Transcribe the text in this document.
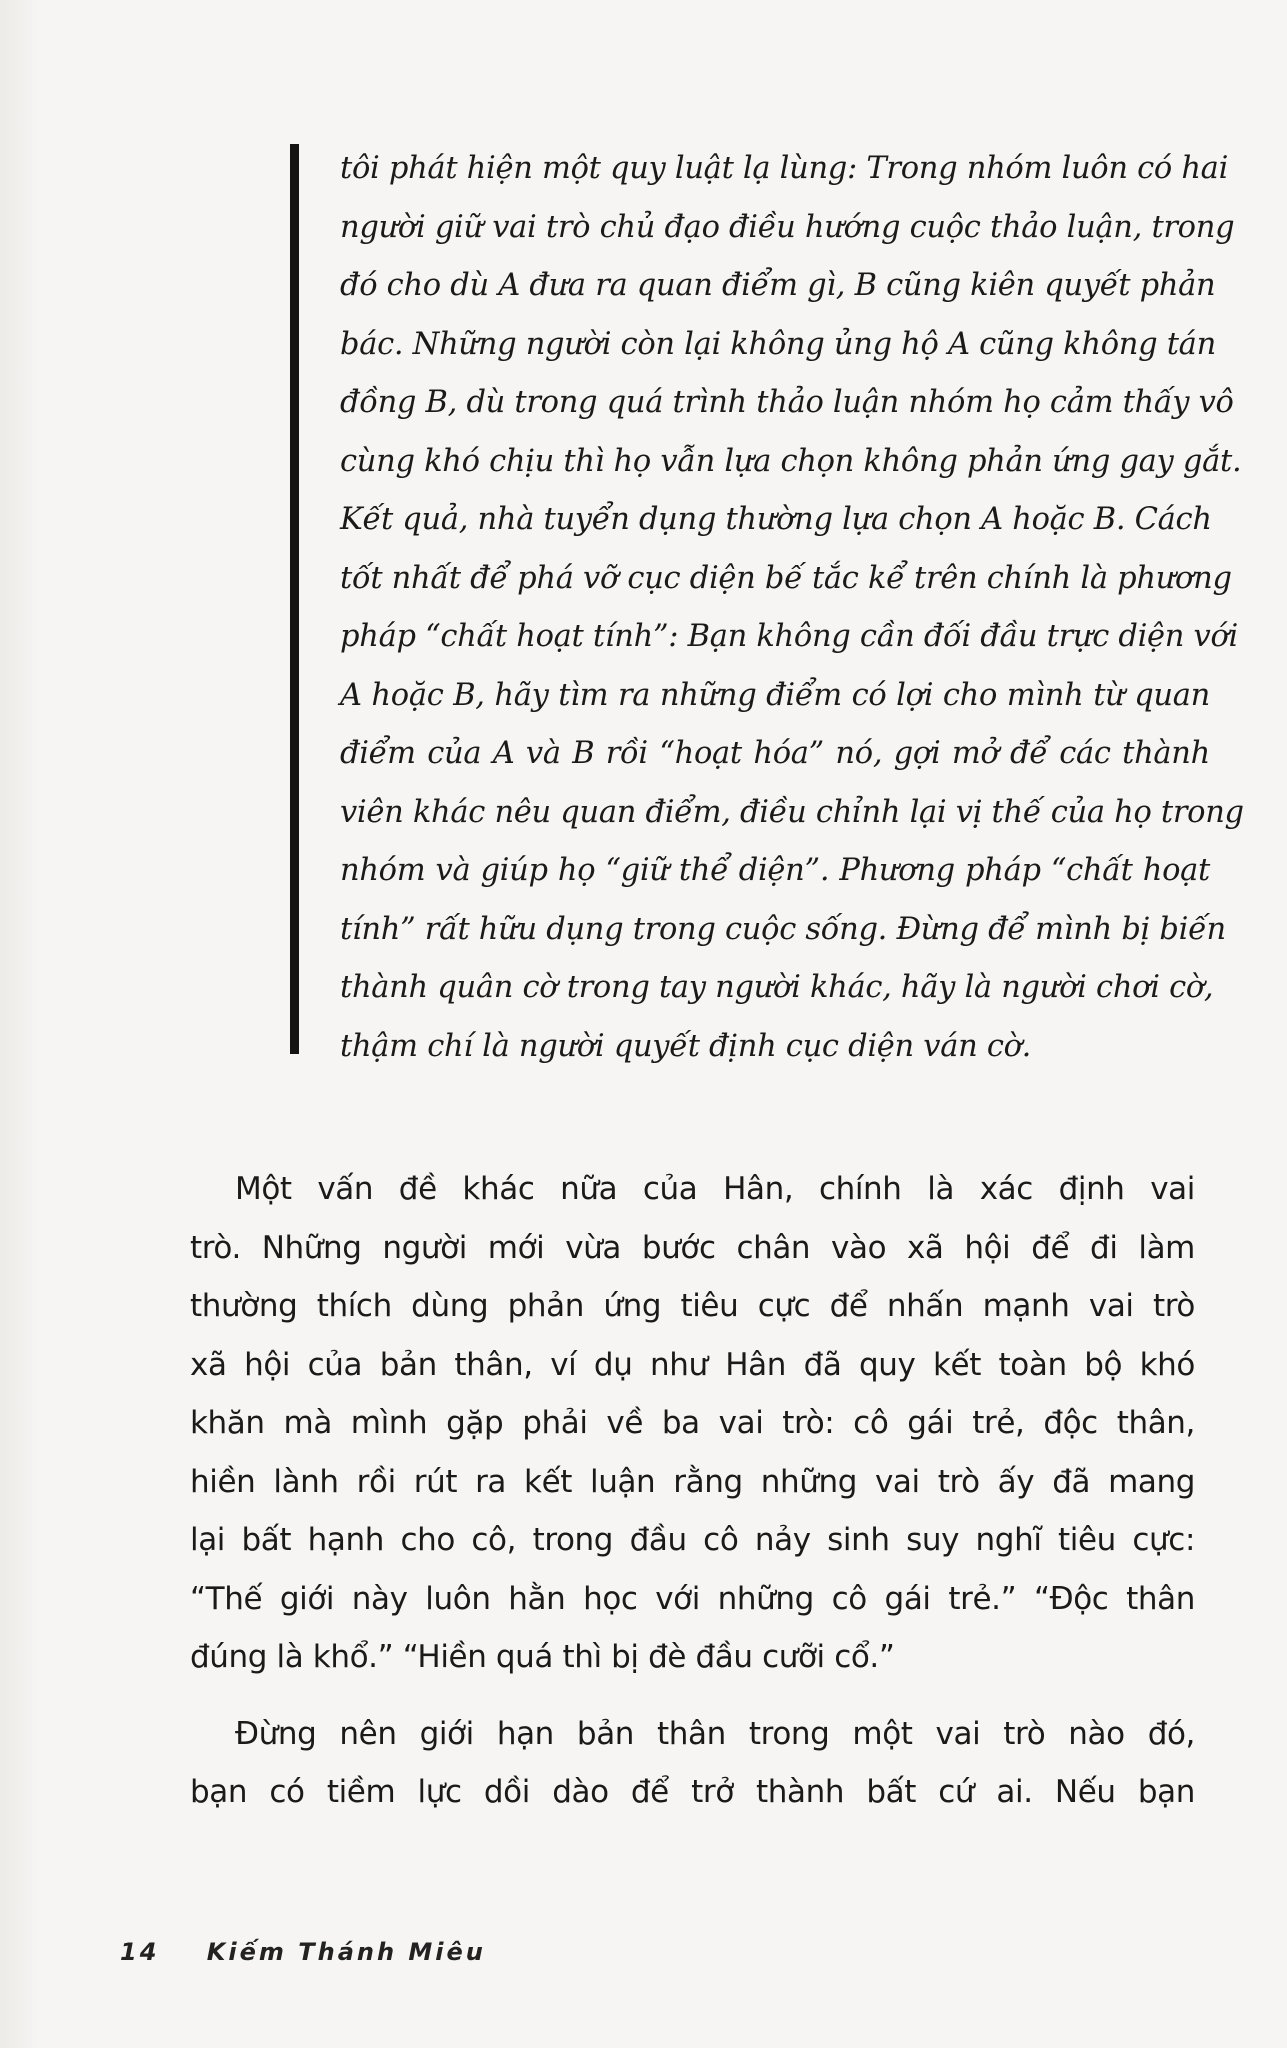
tôi phát hiện một quy luật lạ lùng: Trong nhóm luôn có hai
người giữ vai trò chủ đạo điều hướng cuộc thảo luận, trong
đó cho dù A đưa ra quan điểm gì, B cũng kiên quyết phản
bác. Những người còn lại không ủng hộ A cũng không tán
đồng B, dù trong quá trình thảo luận nhóm họ cảm thấy vô
cùng khó chịu thì họ vẫn lựa chọn không phản ứng gay gắt.
Kết quả, nhà tuyển dụng thường lựa chọn A hoặc B. Cách
tốt nhất để phá vỡ cục diện bế tắc kể trên chính là phương
pháp “chất hoạt tính”: Bạn không cần đối đầu trực diện với
A hoặc B, hãy tìm ra những điểm có lợi cho mình từ quan
điểm của A và B rồi “hoạt hóa” nó, gợi mở để các thành
viên khác nêu quan điểm, điều chỉnh lại vị thế của họ trong
nhóm và giúp họ “giữ thể diện”. Phương pháp “chất hoạt
tính” rất hữu dụng trong cuộc sống. Đừng để mình bị biến
thành quân cờ trong tay người khác, hãy là người chơi cờ,
thậm chí là người quyết định cục diện ván cờ.
Một vấn đề khác nữa của Hân, chính là xác định vai
trò. Những người mới vừa bước chân vào xã hội để đi làm
thường thích dùng phản ứng tiêu cực để nhấn mạnh vai trò
xã hội của bản thân, ví dụ như Hân đã quy kết toàn bộ khó
khăn mà mình gặp phải về ba vai trò: cô gái trẻ, độc thân,
hiền lành rồi rút ra kết luận rằng những vai trò ấy đã mang
lại bất hạnh cho cô, trong đầu cô nảy sinh suy nghĩ tiêu cực:
“Thế giới này luôn hằn học với những cô gái trẻ.” “Độc thân
đúng là khổ.” “Hiền quá thì bị đè đầu cưỡi cổ.”
Đừng nên giới hạn bản thân trong một vai trò nào đó,
bạn có tiềm lực dồi dào để trở thành bất cứ ai. Nếu bạn
14 Kiếm Thánh Miêu
